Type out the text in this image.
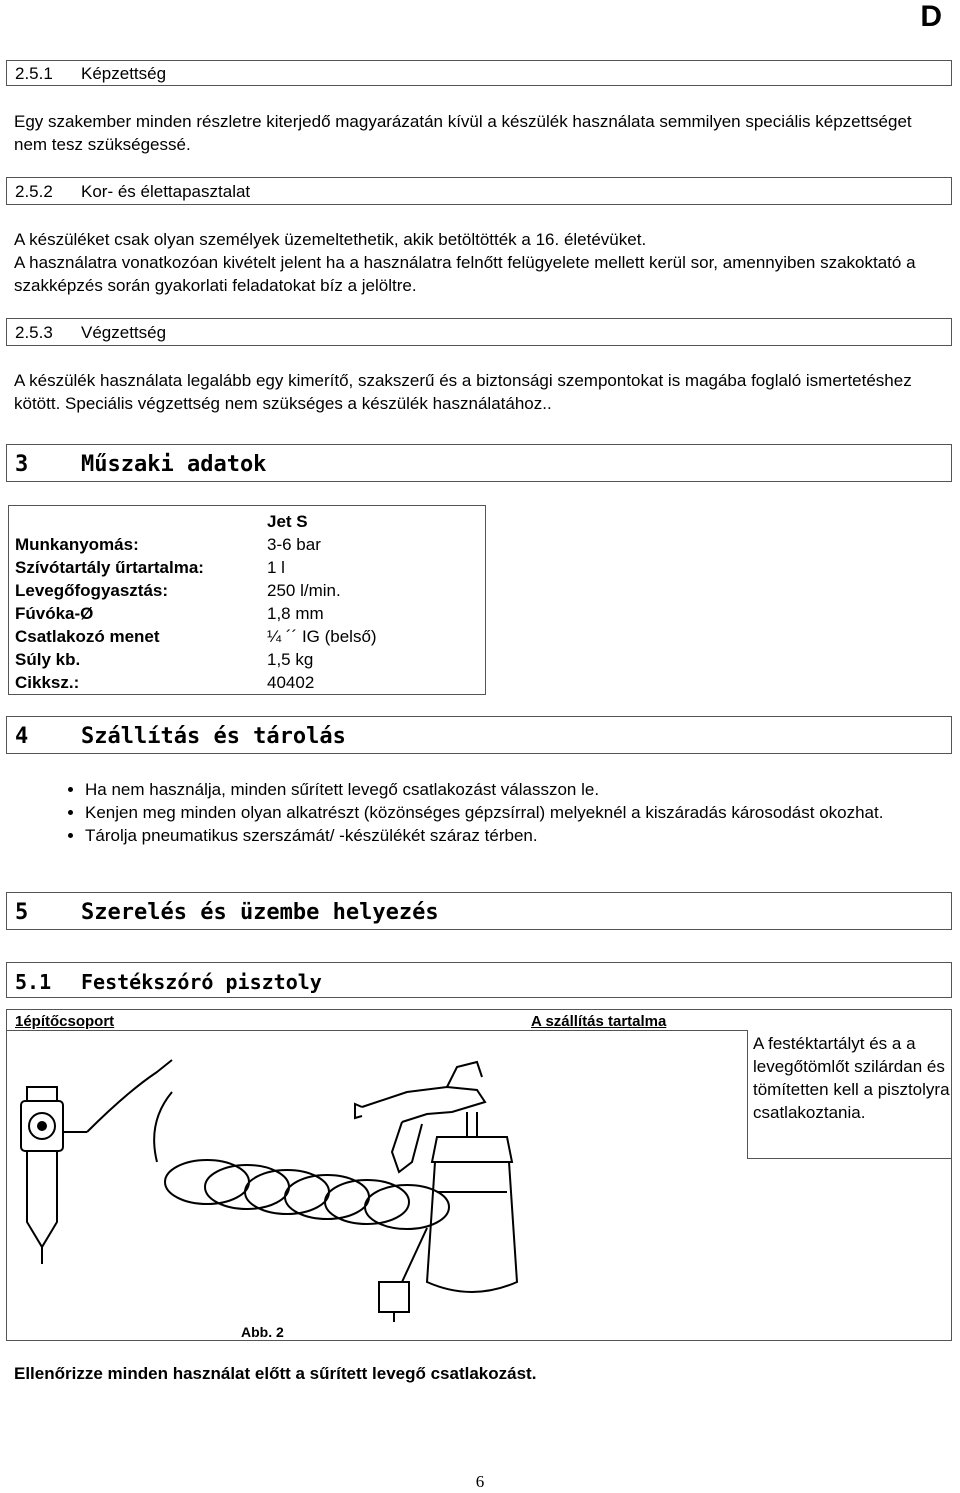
D
2.5.1 Képzettség
Egy szakember minden részletre kiterjedő magyarázatán kívül a készülék használata semmilyen speciális képzettséget nem tesz szükségessé.
2.5.2 Kor- és élettapasztalat
A készüléket csak olyan személyek üzemeltethetik, akik betöltötték a 16. életévüket.
A használatra vonatkozóan kivételt jelent ha a használatra felnőtt felügyelete mellett kerül sor, amennyiben szakoktató a szakképzés során gyakorlati feladatokat bíz a jelöltre.
2.5.3 Végzettség
A készülék használata legalább egy kimerítő, szakszerű és a biztonsági szempontokat is magába foglaló ismertetéshez kötött. Speciális végzettség nem szükséges a készülék használatához..
3 Műszaki adatok
	Jet S
Munkanyomás:	3-6 bar
Szívótartály űrtartalma:	1 l
Levegőfogyasztás:	250 l/min.
Fúvóka-Ø	1,8 mm
Csatlakozó menet	¼ ´´ IG (belső)
Súly kb.	1,5 kg
Cikksz.:	40402
4 Szállítás és tárolás
• Ha nem használja, minden sűrített levegő csatlakozást válasszon le.
• Kenjen meg minden olyan alkatrészt (közönséges gépzsírral) melyeknél a kiszáradás károsodást okozhat.
• Tárolja pneumatikus szerszámát/ -készülékét száraz térben.
5 Szerelés és üzembe helyezés
5.1 Festékszóró pisztoly
1építőcsoport	A szállítás tartalma
A festéktartályt és a a levegőtömlőt szilárdan és tömítetten kell a pisztolyra csatlakoztania.
Abb. 2
Ellenőrizze minden használat előtt a sűrített levegő csatlakozást.
6
